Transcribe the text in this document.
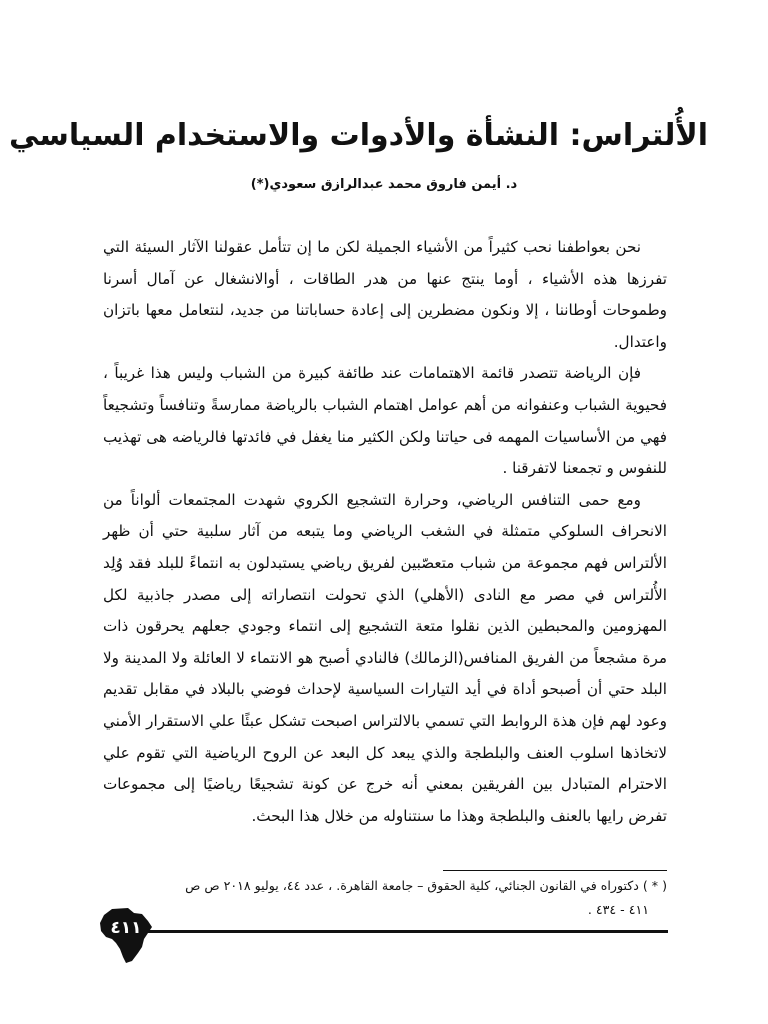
الأُلتراس: النشأة والأدوات والاستخدام السياسي
د. أيمن فاروق محمد عبدالرازق سعودي(*)

نحن بعواطفنا نحب كثيراً من الأشياء الجميلة لكن ما إن تتأمل عقولنا الآثار السيئة التي تفرزها هذه الأشياء ، أوما ينتج عنها من هدر الطاقات ، أوالانشغال عن آمال أسرنا وطموحات أوطاننا ، إلا ونكون مضطرين إلى إعادة حساباتنا من جديد، لنتعامل معها باتزان واعتدال.

فإن الرياضة تتصدر قائمة الاهتمامات عند طائفة كبيرة من الشباب وليس هذا غريباً ، فحيوية الشباب وعنفوانه من أهم عوامل اهتمام الشباب بالرياضة ممارسةً وتنافساً وتشجيعاً فهي من الأساسيات المهمه فى حياتنا ولكن الكثير منا يغفل في فائدتها فالرياضه هى تهذيب للنفوس و تجمعنا لاتفرقنا .

ومع حمى التنافس الرياضي، وحرارة التشجيع الكروي شهدت المجتمعات ألواناً من الانحراف السلوكي متمثلة في الشغب الرياضي وما يتبعه من آثار سلبية حتي أن ظهر الألتراس فهم مجموعة من شباب متعصّبين لفريق رياضي يستبدلون به انتماءً للبلد فقد وُلِد الأُلتراس في مصر مع النادى (الأهلي) الذي تحولت انتصاراته إلى مصدر جاذبية لكل المهزومين والمحبطين الذين نقلوا متعة التشجيع إلى انتماء وجودي جعلهم يحرقون ذات مرة مشجعاً من الفريق المنافس(الزمالك) فالنادي أصبح هو الانتماء لا العائلة ولا المدينة ولا البلد حتي أن أصبحو أداة في أيد التيارات السياسية لإحداث فوضي بالبلاد في مقابل تقديم وعود لهم فإن هذة الروابط التي تسمي بالالتراس اصبحت تشكل عبئًا علي الاستقرار الأمني لاتخاذها اسلوب العنف والبلطجة والذي يبعد كل البعد عن الروح الرياضية التي تقوم علي الاحترام المتبادل بين الفريقين بمعني أنه خرج عن كونة تشجيعًا رياضيًا إلى مجموعات تفرض رايها بالعنف والبلطجة وهذا ما سنتناوله من خلال هذا البحث.

( * ) دكتوراه في القانون الجنائي، كلية الحقوق – جامعة القاهرة. ، عدد ٤٤، يوليو ٢٠١٨ ص ص

٤١١ - ٤٣٤ .

٤١١
